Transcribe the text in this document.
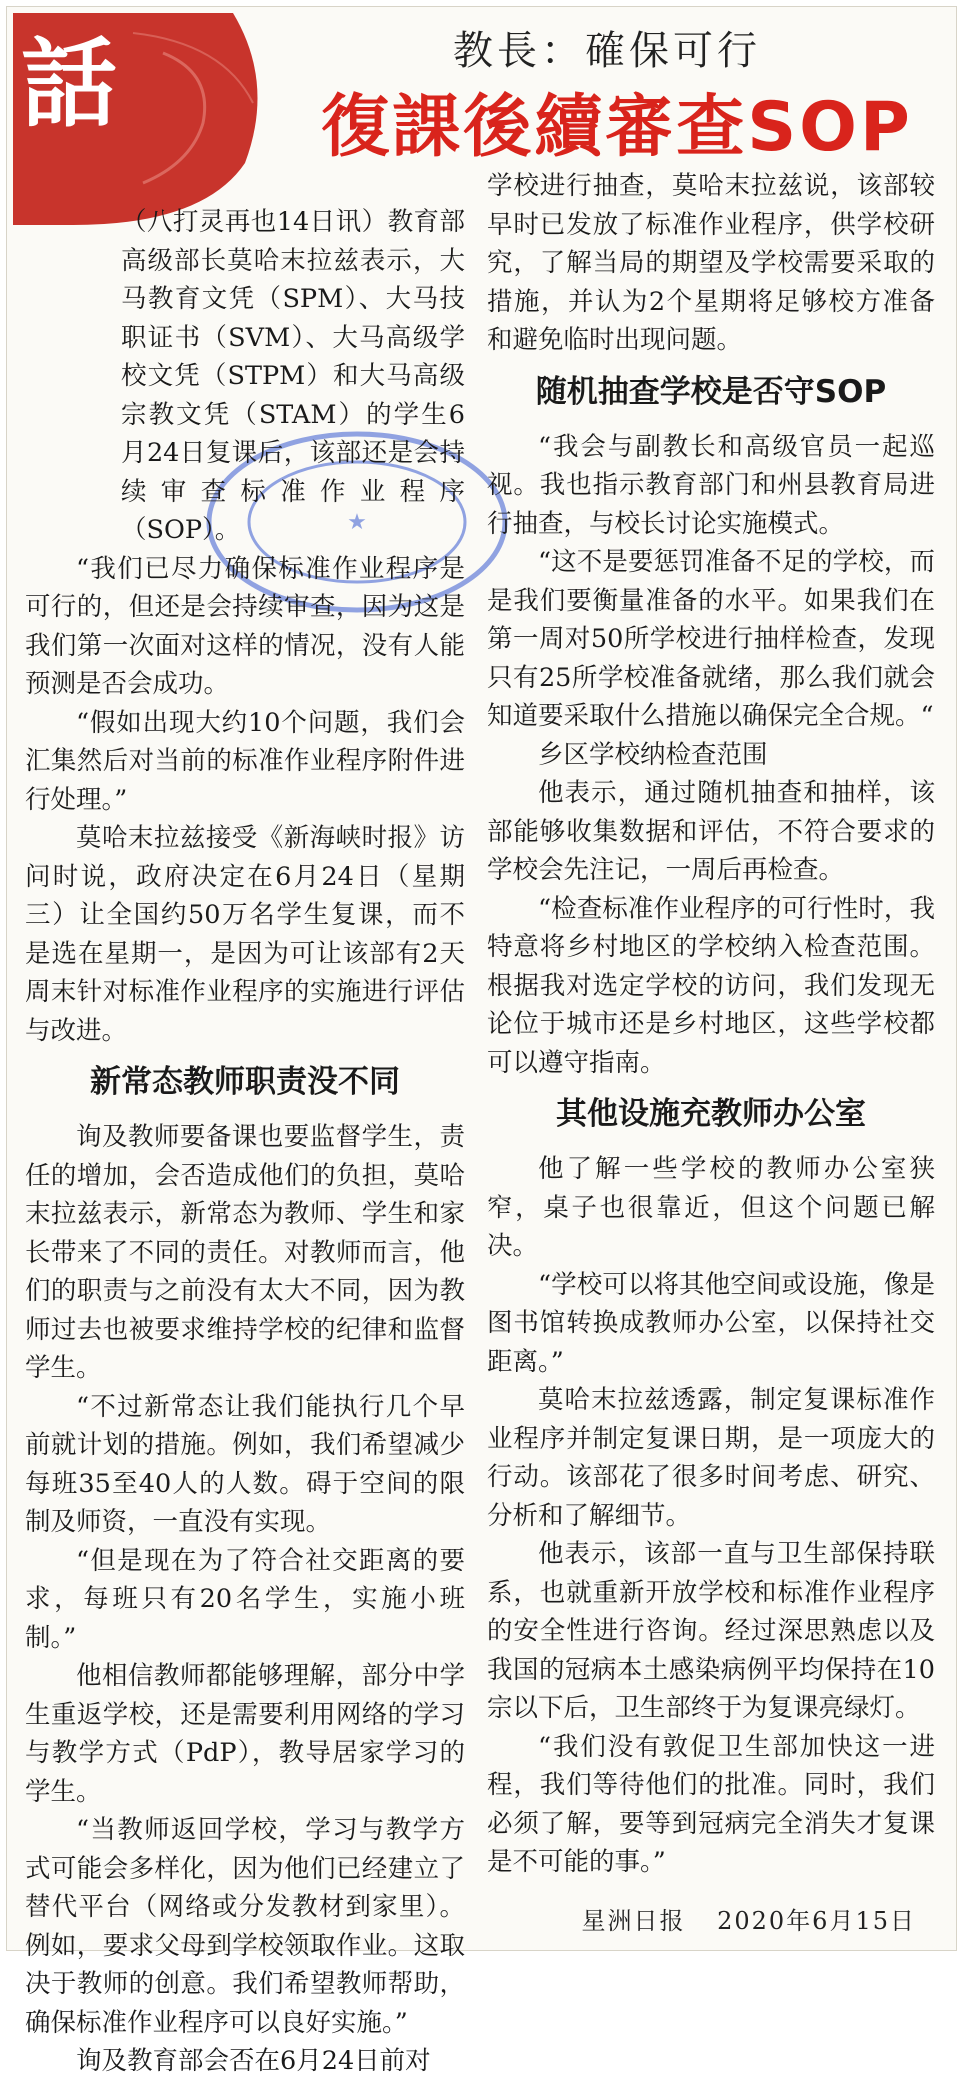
話	教長：確保可行
復課後續審查SOP
★

（八打灵再也14日讯）教育部高级部长莫哈末拉兹表示，大马教育文凭（SPM）、大马技职证书（SVM）、大马高级学校文凭（STPM）和大马高级宗教文凭（STAM）的学生6月24日复课后，该部还是会持续审查标准作业程序（SOP）。

“我们已尽力确保标准作业程序是可行的，但还是会持续审查，因为这是我们第一次面对这样的情况，没有人能预测是否会成功。

“假如出现大约10个问题，我们会汇集然后对当前的标准作业程序附件进行处理。”

莫哈末拉兹接受《新海峡时报》访问时说，政府决定在6月24日（星期三）让全国约50万名学生复课，而不是选在星期一，是因为可让该部有2天周末针对标准作业程序的实施进行评估与改进。

新常态教师职责没不同

询及教师要备课也要监督学生，责任的增加，会否造成他们的负担，莫哈末拉兹表示，新常态为教师、学生和家长带来了不同的责任。对教师而言，他们的职责与之前没有太大不同，因为教师过去也被要求维持学校的纪律和监督学生。

“不过新常态让我们能执行几个早前就计划的措施。例如，我们希望减少每班35至40人的人数。碍于空间的限制及师资，一直没有实现。

“但是现在为了符合社交距离的要求，每班只有20名学生，实施小班制。”

他相信教师都能够理解，部分中学生重返学校，还是需要利用网络的学习与教学方式（PdP），教导居家学习的学生。

“当教师返回学校，学习与教学方式可能会多样化，因为他们已经建立了替代平台（网络或分发教材到家里）。例如，要求父母到学校领取作业。这取决于教师的创意。我们希望教师帮助，确保标准作业程序可以良好实施。”

询及教育部会否在6月24日前对

学校进行抽查，莫哈末拉兹说，该部较早时已发放了标准作业程序，供学校研究，了解当局的期望及学校需要采取的措施，并认为2个星期将足够校方准备和避免临时出现问题。

随机抽查学校是否守SOP

“我会与副教长和高级官员一起巡视。我也指示教育部门和州县教育局进行抽查，与校长讨论实施模式。

“这不是要惩罚准备不足的学校，而是我们要衡量准备的水平。如果我们在第一周对50所学校进行抽样检查，发现只有25所学校准备就绪，那么我们就会知道要采取什么措施以确保完全合规。“

乡区学校纳检查范围

他表示，通过随机抽查和抽样，该部能够收集数据和评估，不符合要求的学校会先注记，一周后再检查。

“检查标准作业程序的可行性时，我特意将乡村地区的学校纳入检查范围。根据我对选定学校的访问，我们发现无论位于城市还是乡村地区，这些学校都可以遵守指南。

其他设施充教师办公室

他了解一些学校的教师办公室狭窄，桌子也很靠近，但这个问题已解决。

“学校可以将其他空间或设施，像是图书馆转换成教师办公室，以保持社交距离。”

莫哈末拉兹透露，制定复课标准作业程序并制定复课日期，是一项庞大的行动。该部花了很多时间考虑、研究、分析和了解细节。

他表示，该部一直与卫生部保持联系，也就重新开放学校和标准作业程序的安全性进行咨询。经过深思熟虑以及我国的冠病本土感染病例平均保持在10宗以下后，卫生部终于为复课亮绿灯。

“我们没有敦促卫生部加快这一进程，我们等待他们的批准。同时，我们必须了解，要等到冠病完全消失才复课是不可能的事。”

星洲日报 2020年6月15日
